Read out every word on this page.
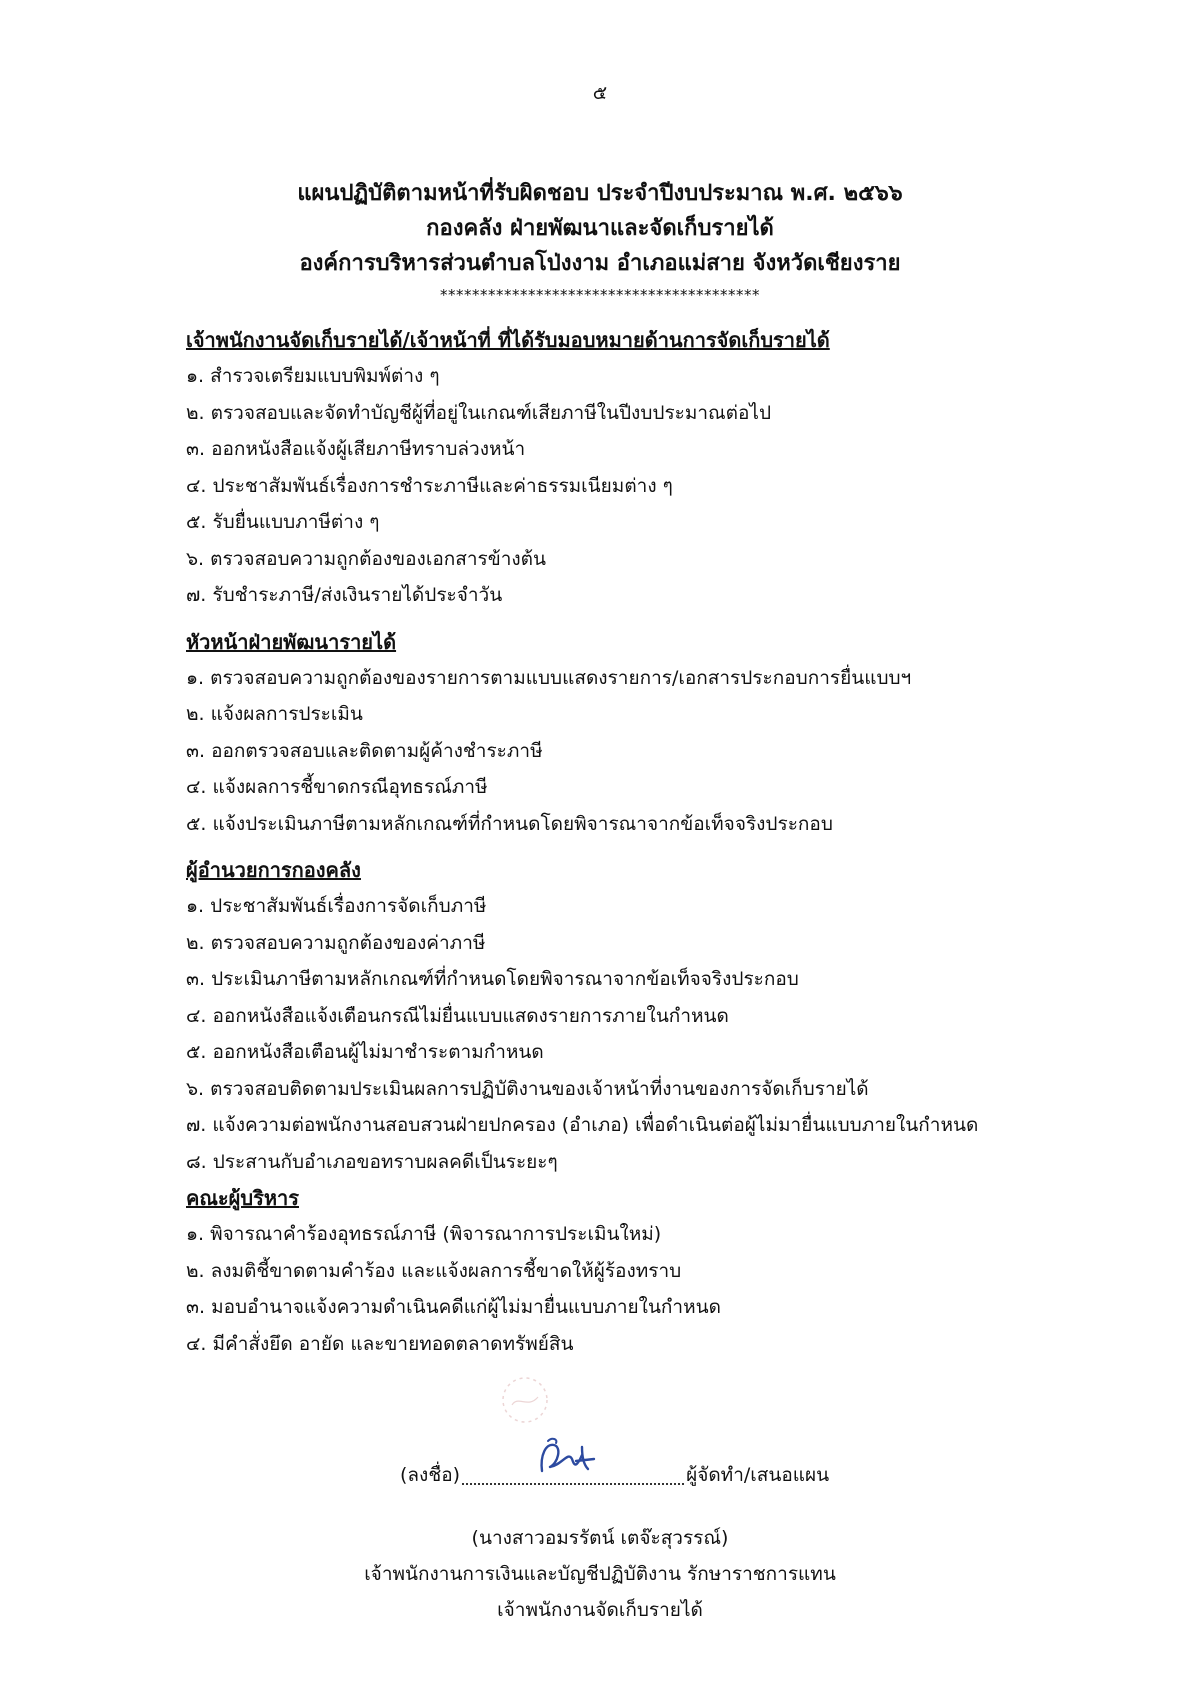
๕
แผนปฏิบัติตามหน้าที่รับผิดชอบ ประจำปีงบประมาณ พ.ศ. ๒๕๖๖
กองคลัง ฝ่ายพัฒนาและจัดเก็บรายได้
องค์การบริหารส่วนตำบลโป่งงาม อำเภอแม่สาย จังหวัดเชียงราย
****************************************
เจ้าพนักงานจัดเก็บรายได้/เจ้าหน้าที่ ที่ได้รับมอบหมายด้านการจัดเก็บรายได้
๑. สำรวจเตรียมแบบพิมพ์ต่าง ๆ
๒. ตรวจสอบและจัดทำบัญชีผู้ที่อยู่ในเกณฑ์เสียภาษีในปีงบประมาณต่อไป
๓. ออกหนังสือแจ้งผู้เสียภาษีทราบล่วงหน้า
๔. ประชาสัมพันธ์เรื่องการชำระภาษีและค่าธรรมเนียมต่าง ๆ
๕. รับยื่นแบบภาษีต่าง ๆ
๖. ตรวจสอบความถูกต้องของเอกสารข้างต้น
๗. รับชำระภาษี/ส่งเงินรายได้ประจำวัน
หัวหน้าฝ่ายพัฒนารายได้
๑. ตรวจสอบความถูกต้องของรายการตามแบบแสดงรายการ/เอกสารประกอบการยื่นแบบฯ
๒. แจ้งผลการประเมิน
๓. ออกตรวจสอบและติดตามผู้ค้างชำระภาษี
๔. แจ้งผลการชี้ขาดกรณีอุทธรณ์ภาษี
๕. แจ้งประเมินภาษีตามหลักเกณฑ์ที่กำหนดโดยพิจารณาจากข้อเท็จจริงประกอบ
ผู้อำนวยการกองคลัง
๑. ประชาสัมพันธ์เรื่องการจัดเก็บภาษี
๒. ตรวจสอบความถูกต้องของค่าภาษี
๓. ประเมินภาษีตามหลักเกณฑ์ที่กำหนดโดยพิจารณาจากข้อเท็จจริงประกอบ
๔. ออกหนังสือแจ้งเตือนกรณีไม่ยื่นแบบแสดงรายการภายในกำหนด
๕. ออกหนังสือเตือนผู้ไม่มาชำระตามกำหนด
๖. ตรวจสอบติดตามประเมินผลการปฏิบัติงานของเจ้าหน้าที่งานของการจัดเก็บรายได้
๗. แจ้งความต่อพนักงานสอบสวนฝ่ายปกครอง (อำเภอ) เพื่อดำเนินต่อผู้ไม่มายื่นแบบภายในกำหนด
๘. ประสานกับอำเภอขอทราบผลคดีเป็นระยะๆ
คณะผู้บริหาร
๑. พิจารณาคำร้องอุทธรณ์ภาษี (พิจารณาการประเมินใหม่)
๒. ลงมติชี้ขาดตามคำร้อง และแจ้งผลการชี้ขาดให้ผู้ร้องทราบ
๓. มอบอำนาจแจ้งความดำเนินคดีแก่ผู้ไม่มายื่นแบบภายในกำหนด
๔. มีคำสั่งยึด อายัด และขายทอดตลาดทรัพย์สิน
(ลงชื่อ)	ผู้จัดทำ/เสนอแผน
(นางสาวอมรรัตน์ เตจ๊ะสุวรรณ์)
เจ้าพนักงานการเงินและบัญชีปฏิบัติงาน รักษาราชการแทน
เจ้าพนักงานจัดเก็บรายได้
